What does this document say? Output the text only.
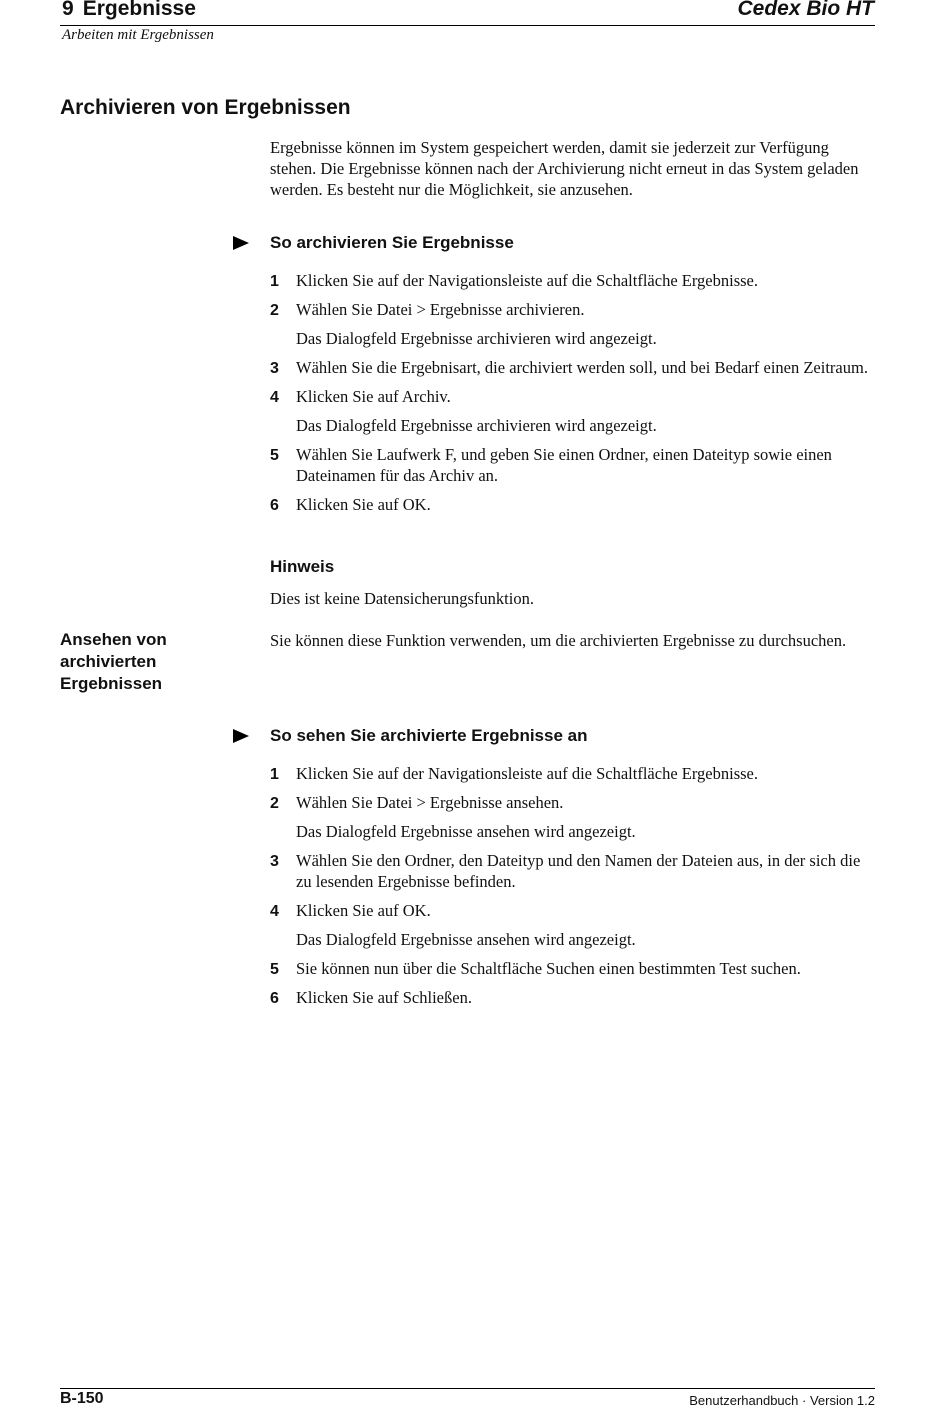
9 Ergebnisse	Cedex Bio HT
Arbeiten mit Ergebnissen
Archivieren von Ergebnissen
Ergebnisse können im System gespeichert werden, damit sie jederzeit zur Verfügung stehen. Die Ergebnisse können nach der Archivierung nicht erneut in das System geladen werden. Es besteht nur die Möglichkeit, sie anzusehen.
So archivieren Sie Ergebnisse
1 Klicken Sie auf der Navigationsleiste auf die Schaltfläche Ergebnisse.
2 Wählen Sie Datei > Ergebnisse archivieren.
Das Dialogfeld Ergebnisse archivieren wird angezeigt.
3 Wählen Sie die Ergebnisart, die archiviert werden soll, und bei Bedarf einen Zeitraum.
4 Klicken Sie auf Archiv.
Das Dialogfeld Ergebnisse archivieren wird angezeigt.
5 Wählen Sie Laufwerk F, und geben Sie einen Ordner, einen Dateityp sowie einen Dateinamen für das Archiv an.
6 Klicken Sie auf OK.
Hinweis
Dies ist keine Datensicherungsfunktion.
Ansehen von archivierten Ergebnissen
Sie können diese Funktion verwenden, um die archivierten Ergebnisse zu durchsuchen.
So sehen Sie archivierte Ergebnisse an
1 Klicken Sie auf der Navigationsleiste auf die Schaltfläche Ergebnisse.
2 Wählen Sie Datei > Ergebnisse ansehen.
Das Dialogfeld Ergebnisse ansehen wird angezeigt.
3 Wählen Sie den Ordner, den Dateityp und den Namen der Dateien aus, in der sich die zu lesenden Ergebnisse befinden.
4 Klicken Sie auf OK.
Das Dialogfeld Ergebnisse ansehen wird angezeigt.
5 Sie können nun über die Schaltfläche Suchen einen bestimmten Test suchen.
6 Klicken Sie auf Schließen.
B-150	Benutzerhandbuch · Version 1.2
